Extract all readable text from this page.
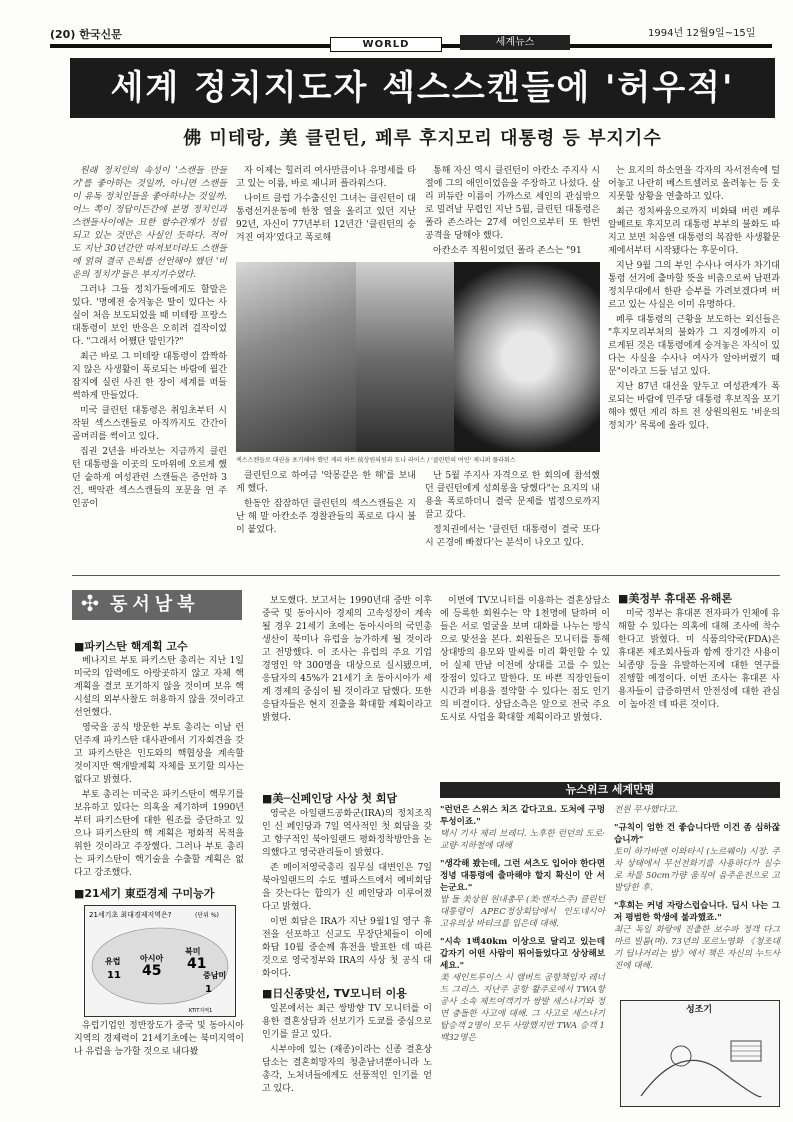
(20) 한국신문
WORLD	세계뉴스
1994년 12월9일~15일
세계 정치지도자 섹스스캔들에 '허우적'
佛 미테랑, 美 클린턴, 페루 후지모리 대통령 등 부지기수

원래 정치인의 속성이 '스캔들 만들기'를 좋아하는 것일까, 아니면 스캔들이 유독 정치인들을 좋아하나는 것일까. 어느 쪽이 정답이든간에 분명 정치인과 스캔들사이에는 묘한 함수관계가 성립되고 있는 것만은 사실인 듯하다. 적어도 지난 30년간만 따져보더라도 스캔들에 얽혀 결국 은퇴를 선언해야 했던 '비운의 정치가'들은 부지기수였다.

그러나 그들 정치가들에게도 할말은 있다. '명예전 숭겨놓은 딸이 있다는 사실이 처음 보도되었을 때 미테랑 프랑스대통령이 보인 반응은 오히려 걸작이었다. "그래서 어쨌단 말인가?"

최근 바로 그 미테랑 대통령이 깜짝하지 않은 사생활이 폭로되는 바람에 월간 잡지에 실린 사진 한 장이 세계를 떠들썩하게 만들었다.

미국 클린턴 대통령은 취임초부터 시작된 섹스스캔들로 아직까지도 간간이 골머리를 썩이고 있다.

집권 2년을 바라보는 지금까지 클린턴 대통령을 이곳의 도마위에 오르게 했던 숱하게 여성관련 스캔들은 증언하 3건, 백악관 섹스스캔들의 포문을 연 주인공이

자 이제는 힐러리 여사만큼이나 유명세를 타고 있는 이름, 바로 제니퍼 플라워스다.

나이트 클럽 가수출신인 그녀는 클린턴이 대통령선거운동에 한창 열을 올리고 있던 지난 92년, 자신이 77년부터 12년간 '클린턴의 숭겨진 여자'였다고 폭로해

통해 자신 역시 클린턴이 아칸소 주지사 시절에 그의 애인이었음을 주장하고 나섰다. 살리 퍼듀란 이름이 가까스로 세인의 관심밖으로 밀려날 무렵인 지난 5월, 클린턴 대통령은 폴라 존스라는 27세 여인으로부터 또 한번 공격을 당해야 했다.

아칸소주 직원이었던 폴라 존스는 "91

는 요지의 하소연을 각자의 자서전속에 털어놓고 나란히 베스트셀러로 올려놓는 등 웃지못할 상황을 연출하고 있다.

최근 정치싸움으로까지 비화돼 버린 페루 알베르토 후지모리 대통령 부부의 불화도 따지고 보면 처음엔 대통령의 복잡한 사생활문제에서부터 시작됐다는 후문이다.

지난 9월 그의 부인 수사나 여사가 차기대통령 선거에 출마할 뜻을 비춤으로써 남편과 정치무대에서 한판 승부를 가려보겠다며 버르고 있는 사실은 이미 유명하다.

페루 대통령의 근황을 보도하는 외신들은 "후지모리부처의 불화가 그 지경에까지 이르게된 것은 대통령에게 숭겨놓은 자식이 있다는 사실을 수사나 여사가 알아버렸기 때문"이라고 드들 넘고 있다.

지난 87년 대선을 앞두고 여성관계가 폭로되는 바람에 민주당 대통령 후보직을 포기해야 했던 게리 하트 전 상원의원도 '비운의 정치가' 목록에 올라 있다.

섹스스캔들로 대권을 포기해야 했던 게리 하트 前상원의원과 도나 라이스 / '클린턴의 여인' 제니퍼 플라워스

클린턴으로 하여금 '악몽같은 한 해'를 보내게 했다.

한동안 잠잠하던 클린턴의 섹스스캔들은 지난 해 말 아칸소주 경찰관들의 폭로로 다시 불이 붙었다.

난 5월 주지사 자격으로 한 회의에 참석했던 클린턴에게 성희롱을 당했다"는 요지의 내용을 폭로하더니 결국 문제를 법정으로까지 끌고 갔다.

정치권에서는 '클린턴 대통령이 결국 또다시 곤경에 빠졌다'는 분석이 나오고 있다.

✣ 동서남북
■파키스탄 핵계획 고수

베나지르 부토 파키스탄 총리는 지난 1일 미국의 압력에도 아랑곳하지 않고 자체 핵계획을 결코 포기하지 않을 것이며 보유 핵시설의 외부사찰도 허용하지 않을 것이라고 선언했다.

영국을 공식 방문한 부토 총리는 이날 런던주재 파키스탄 대사관에서 기자회견을 갖고 파키스탄은 인도와의 핵협상을 계속할 것이지만 핵개발계획 자체를 포기할 의사는 없다고 밝혔다.

부토 총리는 미국은 파키스탄이 핵무기를 보유하고 있다는 의혹을 제기하며 1990년부터 파키스탄에 대한 원조를 중단하고 있으나 파키스탄의 핵 계획은 평화적 목적을 위한 것이라고 주장했다. 그러나 부토 총리는 파키스탄이 핵기술을 수출할 계획은 없다고 강조했다.

■21세기 東亞경제 구미능가
21세기초 최대경제지역은?	(단위 %)
유럽
11
아시아
45
북미
41
중남미
1
KTIT지역1

유럽기업인 정반장도가 중국 및 동아시아지역의 경제력이 21세기초에는 북미지역이나 유럽을 능가할 것으로 내다봤

보도했다. 보고서는 1990년대 중반 이후 중국 및 동아시아 경제의 고속성장이 계속될 경우 21세기 초에는 동아시아의 국민총생산이 북미나 유럽을 능가하게 될 것이라고 전망했다. 이 조사는 유럽의 주요 기업 경영인 약 300명을 대상으로 실시됐으며, 응답자의 45%가 21세기 초 동아시아가 세계 경제의 중심이 될 것이라고 답했다. 또한 응답자들은 현지 진출을 확대할 계획이라고 밝혔다.

이번에 TV모니터를 이용하는 결혼상담소에 등록한 회원수는 약 1천명에 달하며 이들은 서로 얼굴을 보며 대화를 나누는 방식으로 맞선을 본다. 회원들은 모니터를 통해 상대방의 용모와 말씨를 미리 확인할 수 있어 실제 만남 이전에 상대를 고를 수 있는 장점이 있다고 말한다. 또 바쁜 직장인들이 시간과 비용을 절약할 수 있다는 점도 인기의 비결이다. 상담소측은 앞으로 전국 주요 도시로 사업을 확대할 계획이라고 밝혔다.

■美─신페인당 사상 첫 회담

영국은 아일랜드공화군(IRA)의 정치조직인 신 페인당과 7일 역사적인 첫 회담을 갖고 향구적인 북아일랜드 평화정착방안을 논의했다고 영국관리들이 밝혔다.

존 메이저영국총리 집무실 대변인은 7일 북아일랜드의 수도 벨파스트에서 예비회담을 갖는다는 합의가 신 페인당과 이루어졌다고 밝혔다.

이번 회담은 IRA가 지난 9월1일 영구 휴전을 선포하고 신교도 무장단체들이 이에 화답 10월 중순께 휴전을 발표한 데 따른 것으로 영국정부와 IRA의 사상 첫 공식 대화이다.

■日신종맞선, TV모니터 이용

일본에서는 최근 쌍방향 TV 모니터를 이용한 결혼상담과 선보기가 도쿄를 중심으로 인기를 끌고 있다.

시부야에 있는 (재종)이라는 신종 결혼상담소는 결혼희망자의 청춘남녀뿐아니라 노총각, 노처녀들에게도 선풍적인 인기를 얻고 있다.

■美정부 휴대폰 유해론

미국 정부는 휴대폰 전자파가 인체에 유해할 수 있다는 의혹에 대해 조사에 착수한다고 밝혔다. 미 식품의약국(FDA)은 휴대폰 제조회사들과 함께 장기간 사용이 뇌종양 등을 유발하는지에 대한 연구를 진행할 예정이다. 이번 조사는 휴대폰 사용자들이 급증하면서 안전성에 대한 관심이 높아진 데 따른 것이다.

뉴스위크 세계만평
"런던은 스위스 치즈 같다고요. 도처에 구멍투성이죠."
택시 기사 제리 브레디. 노후한 런던의 도로·교량·지하철에 대해
"생각해 봤는데, 그런 셔츠도 입어야 한다면 정녕 대통령에 출마해야 할지 확신이 안 서는군요."
밥 돌 美상원 원내총무 (美·캔자스주) 클린턴 대통령이 APEC정상회담에서 인도네시아 고유의상 바티크를 입은데 대해.
"시속 1백40km 이상으로 달리고 있는데 갑자기 어떤 사람이 뛰어들었다고 상상해보세요."
美 세인트루이스 시 램버트 공항책임자 레너드 그리스. 지난주 공항 활주로에서 TWA항공사 소속 제트여객기가 쌍발 세스나기와 정면 충돌한 사고에 대해. 그 사고로 세스나기 탑승객 2명이 모두 사망했지만 TWA 승객 1백32명은
전원 무사했다고.
"규칙이 엄한 건 좋습니다만 이건 좀 심하잖습니까"
토미 하가바앤 이와타시 (노르웨이) 시장. 주차 상태에서 무선전화기를 사용하다가 실수로 차를 50cm가량 움직여 음주운전으로 고발당한 후.
"후회는 커녕 자랑스럽습니다. 딥시 나는 그저 평범한 학생에 불과했죠."
최근 독일 화랑에 진출한 보수파 정객 다그 마르 빌룸(며). 73년의 포르노영화 《청조대기 딥나거리는 밤》에서 책은 자신의 누드사진에 대해.
성조기
